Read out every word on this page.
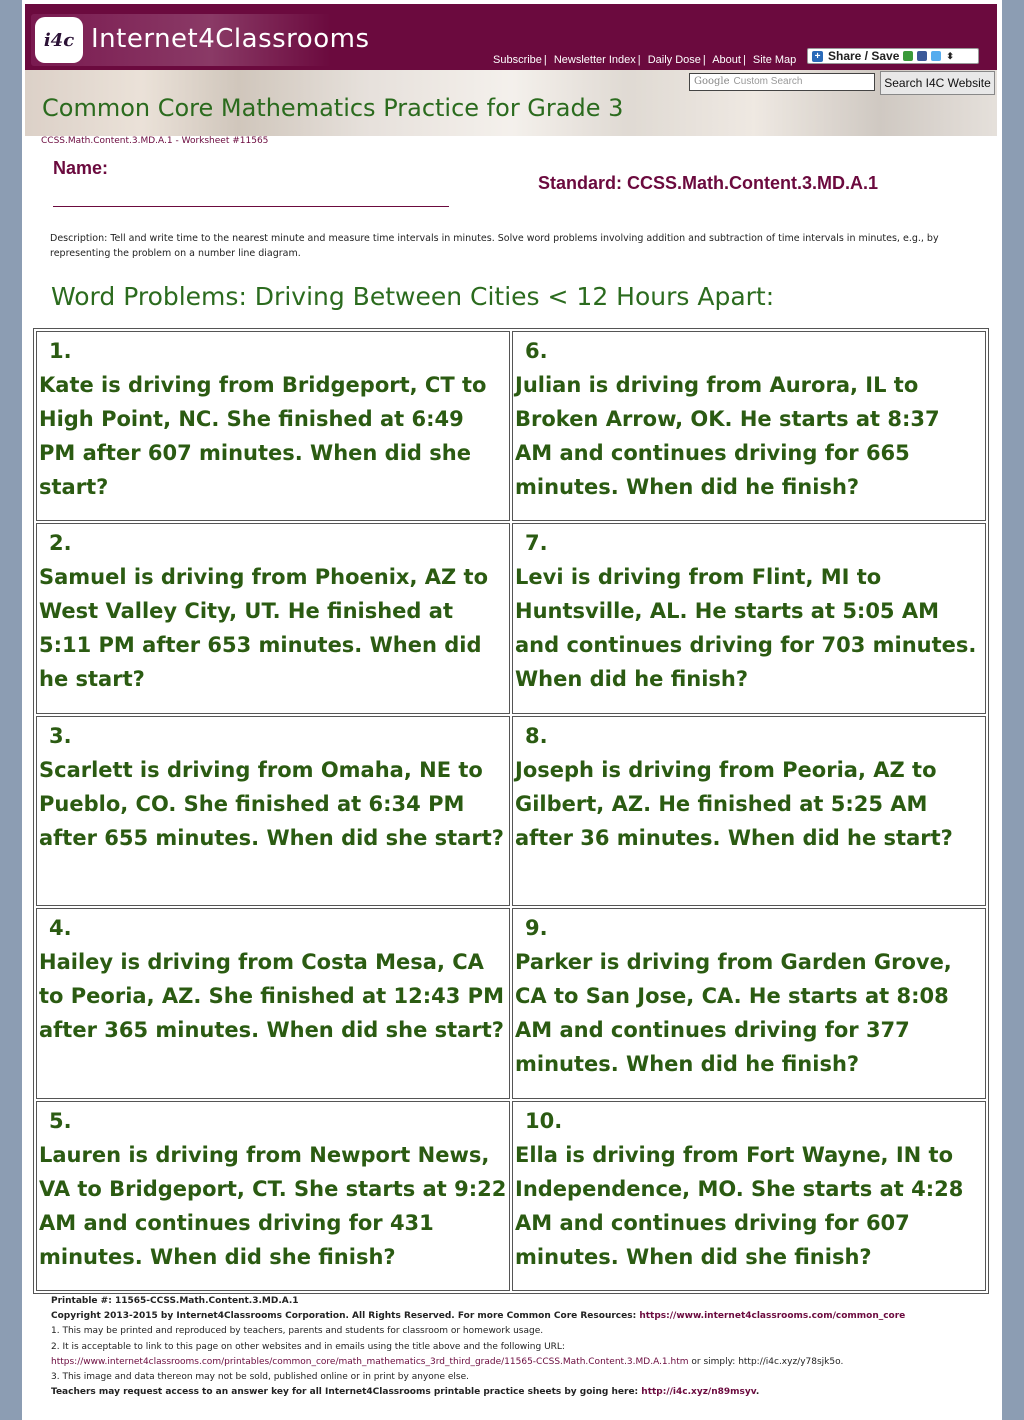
i4c Internet4Classrooms
Subscribe | Newsletter Index | Daily Dose | About | Site Map + Share / Save	⬍
Google Custom Search	Search I4C Website
Common Core Mathematics Practice for Grade 3
CCSS.Math.Content.3.MD.A.1 - Worksheet #11565
Name:
Standard: CCSS.Math.Content.3.MD.A.1
Description: Tell and write time to the nearest minute and measure time intervals in minutes. Solve word problems involving addition and subtraction of time intervals in minutes, e.g., by representing the problem on a number line diagram.
Word Problems: Driving Between Cities < 12 Hours Apart:
1.
Kate is driving from Bridgeport, CT to High Point, NC. She finished at 6:49 PM after 607 minutes. When did she start?
6.
Julian is driving from Aurora, IL to Broken Arrow, OK. He starts at 8:37 AM and continues driving for 665 minutes. When did he finish?
2.
Samuel is driving from Phoenix, AZ to West Valley City, UT. He finished at 5:11 PM after 653 minutes. When did he start?
7.
Levi is driving from Flint, MI to Huntsville, AL. He starts at 5:05 AM and continues driving for 703 minutes. When did he finish?
3.
Scarlett is driving from Omaha, NE to Pueblo, CO. She finished at 6:34 PM after 655 minutes. When did she start?
8.
Joseph is driving from Peoria, AZ to Gilbert, AZ. He finished at 5:25 AM after 36 minutes. When did he start?
4.
Hailey is driving from Costa Mesa, CA to Peoria, AZ. She finished at 12:43 PM after 365 minutes. When did she start?
9.
Parker is driving from Garden Grove, CA to San Jose, CA. He starts at 8:08 AM and continues driving for 377 minutes. When did he finish?
5.
Lauren is driving from Newport News, VA to Bridgeport, CT. She starts at 9:22 AM and continues driving for 431 minutes. When did she finish?
10.
Ella is driving from Fort Wayne, IN to Independence, MO. She starts at 4:28 AM and continues driving for 607 minutes. When did she finish?
Printable #: 11565-CCSS.Math.Content.3.MD.A.1
Copyright 2013-2015 by Internet4Classrooms Corporation. All Rights Reserved. For more Common Core Resources: https://www.internet4classrooms.com/common_core
1. This may be printed and reproduced by teachers, parents and students for classroom or homework usage.
2. It is acceptable to link to this page on other websites and in emails using the title above and the following URL:
https://www.internet4classrooms.com/printables/common_core/math_mathematics_3rd_third_grade/11565-CCSS.Math.Content.3.MD.A.1.htm or simply: http://i4c.xyz/y78sjk5o.
3. This image and data thereon may not be sold, published online or in print by anyone else.
Teachers may request access to an answer key for all Internet4Classrooms printable practice sheets by going here: http://i4c.xyz/n89msyv.
